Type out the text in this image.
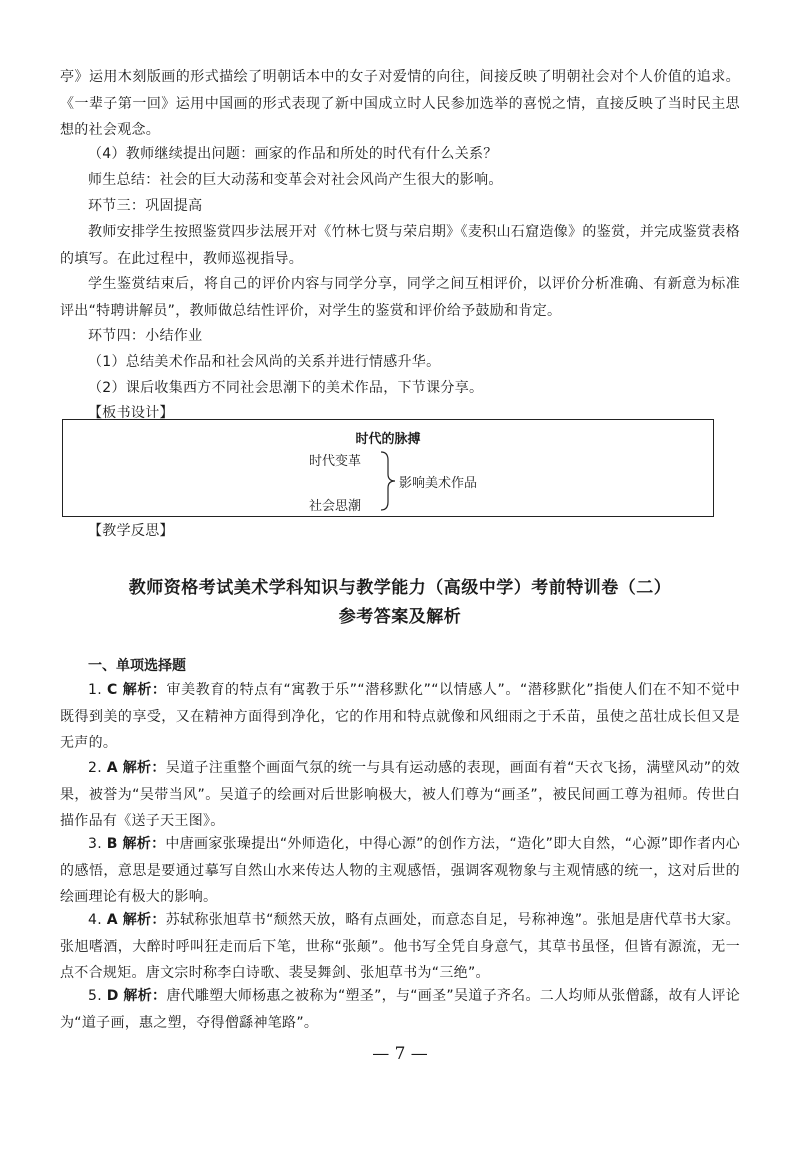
亭》运用木刻版画的形式描绘了明朝话本中的女子对爱情的向往，间接反映了明朝社会对个人价值的追求。《一辈子第一回》运用中国画的形式表现了新中国成立时人民参加选举的喜悦之情，直接反映了当时民主思想的社会观念。

（4）教师继续提出问题：画家的作品和所处的时代有什么关系？

师生总结：社会的巨大动荡和变革会对社会风尚产生很大的影响。

环节三：巩固提高

教师安排学生按照鉴赏四步法展开对《竹林七贤与荣启期》《麦积山石窟造像》的鉴赏，并完成鉴赏表格的填写。在此过程中，教师巡视指导。

学生鉴赏结束后，将自己的评价内容与同学分享，同学之间互相评价，以评价分析准确、有新意为标准评出“特聘讲解员”，教师做总结性评价，对学生的鉴赏和评价给予鼓励和肯定。

环节四：小结作业

（1）总结美术作品和社会风尚的关系并进行情感升华。

（2）课后收集西方不同社会思潮下的美术作品，下节课分享。

【板书设计】

时代的脉搏
时代变革
社会思潮
影响美术作品

【教学反思】

教师资格考试美术学科知识与教学能力（高级中学）考前特训卷（二）
参考答案及解析
一、单项选择题

1. C 解析：审美教育的特点有“寓教于乐”“潜移默化”“以情感人”。“潜移默化”指使人们在不知不觉中既得到美的享受，又在精神方面得到净化，它的作用和特点就像和风细雨之于禾苗，虽使之茁壮成长但又是无声的。

2. A 解析：吴道子注重整个画面气氛的统一与具有运动感的表现，画面有着“天衣飞扬，满壁风动”的效果，被誉为“吴带当风”。吴道子的绘画对后世影响极大，被人们尊为“画圣”，被民间画工尊为祖师。传世白描作品有《送子天王图》。

3. B 解析：中唐画家张璪提出“外师造化，中得心源”的创作方法，“造化”即大自然，“心源”即作者内心的感悟，意思是要通过摹写自然山水来传达人物的主观感悟，强调客观物象与主观情感的统一，这对后世的绘画理论有极大的影响。

4. A 解析：苏轼称张旭草书“颓然天放，略有点画处，而意态自足，号称神逸”。张旭是唐代草书大家。张旭嗜酒，大醉时呼叫狂走而后下笔，世称“张颠”。他书写全凭自身意气，其草书虽怪，但皆有源流，无一点不合规矩。唐文宗时称李白诗歌、裴旻舞剑、张旭草书为“三绝”。

5. D 解析：唐代雕塑大师杨惠之被称为“塑圣”，与“画圣”吴道子齐名。二人均师从张僧繇，故有人评论为“道子画，惠之塑，夺得僧繇神笔路”。

— 7 —
